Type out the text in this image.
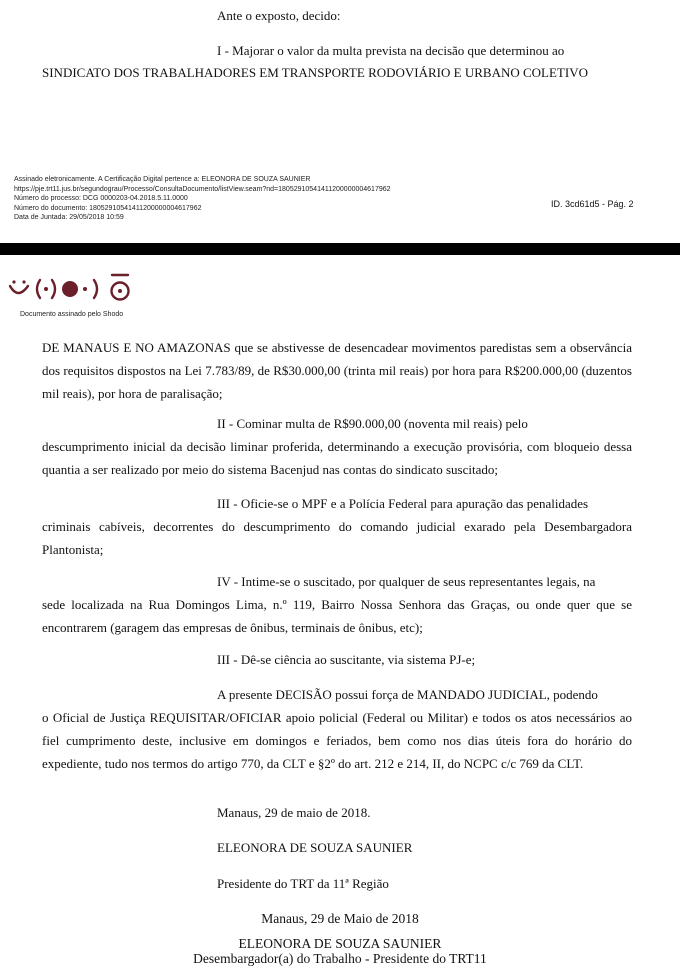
Ante o exposto, decido:
I - Majorar o valor da multa prevista na decisão que determinou ao
SINDICATO DOS TRABALHADORES EM TRANSPORTE RODOVIÁRIO E URBANO COLETIVO
Assinado eletronicamente. A Certificação Digital pertence a: ELEONORA DE SOUZA SAUNIER
https://pje.trt11.jus.br/segundograu/Processo/ConsultaDocumento/listView.seam?nd=18052910541411200000004617962
Número do processo: DCG 0000203-04.2018.5.11.0000
Número do documento: 18052910541411200000004617962
Data de Juntada: 29/05/2018 10:59
ID. 3cd61d5 - Pág. 2
Documento assinado pelo Shodo
DE MANAUS E NO AMAZONAS que se abstivesse de desencadear movimentos paredistas sem a observância dos requisitos dispostos na Lei 7.783/89, de R$30.000,00 (trinta mil reais) por hora para R$200.000,00 (duzentos mil reais), por hora de paralisação;
II - Cominar multa de R$90.000,00 (noventa mil reais) pelo
descumprimento inicial da decisão liminar proferida, determinando a execução provisória, com bloqueio dessa quantia a ser realizado por meio do sistema Bacenjud nas contas do sindicato suscitado;
III - Oficie-se o MPF e a Polícia Federal para apuração das penalidades
criminais cabíveis, decorrentes do descumprimento do comando judicial exarado pela Desembargadora Plantonista;
IV - Intime-se o suscitado, por qualquer de seus representantes legais, na
sede localizada na Rua Domingos Lima, n.º 119, Bairro Nossa Senhora das Graças, ou onde quer que se encontrarem (garagem das empresas de ônibus, terminais de ônibus, etc);
III - Dê-se ciência ao suscitante, via sistema PJ-e;
A presente DECISÃO possui força de MANDADO JUDICIAL, podendo
o Oficial de Justiça REQUISITAR/OFICIAR apoio policial (Federal ou Militar) e todos os atos necessários ao fiel cumprimento deste, inclusive em domingos e feriados, bem como nos dias úteis fora do horário do expediente, tudo nos termos do artigo 770, da CLT e §2º do art. 212 e 214, II, do NCPC c/c 769 da CLT.
Manaus, 29 de maio de 2018.
ELEONORA DE SOUZA SAUNIER
Presidente do TRT da 11ª Região
Manaus, 29 de Maio de 2018
ELEONORA DE SOUZA SAUNIER
Desembargador(a) do Trabalho - Presidente do TRT11
